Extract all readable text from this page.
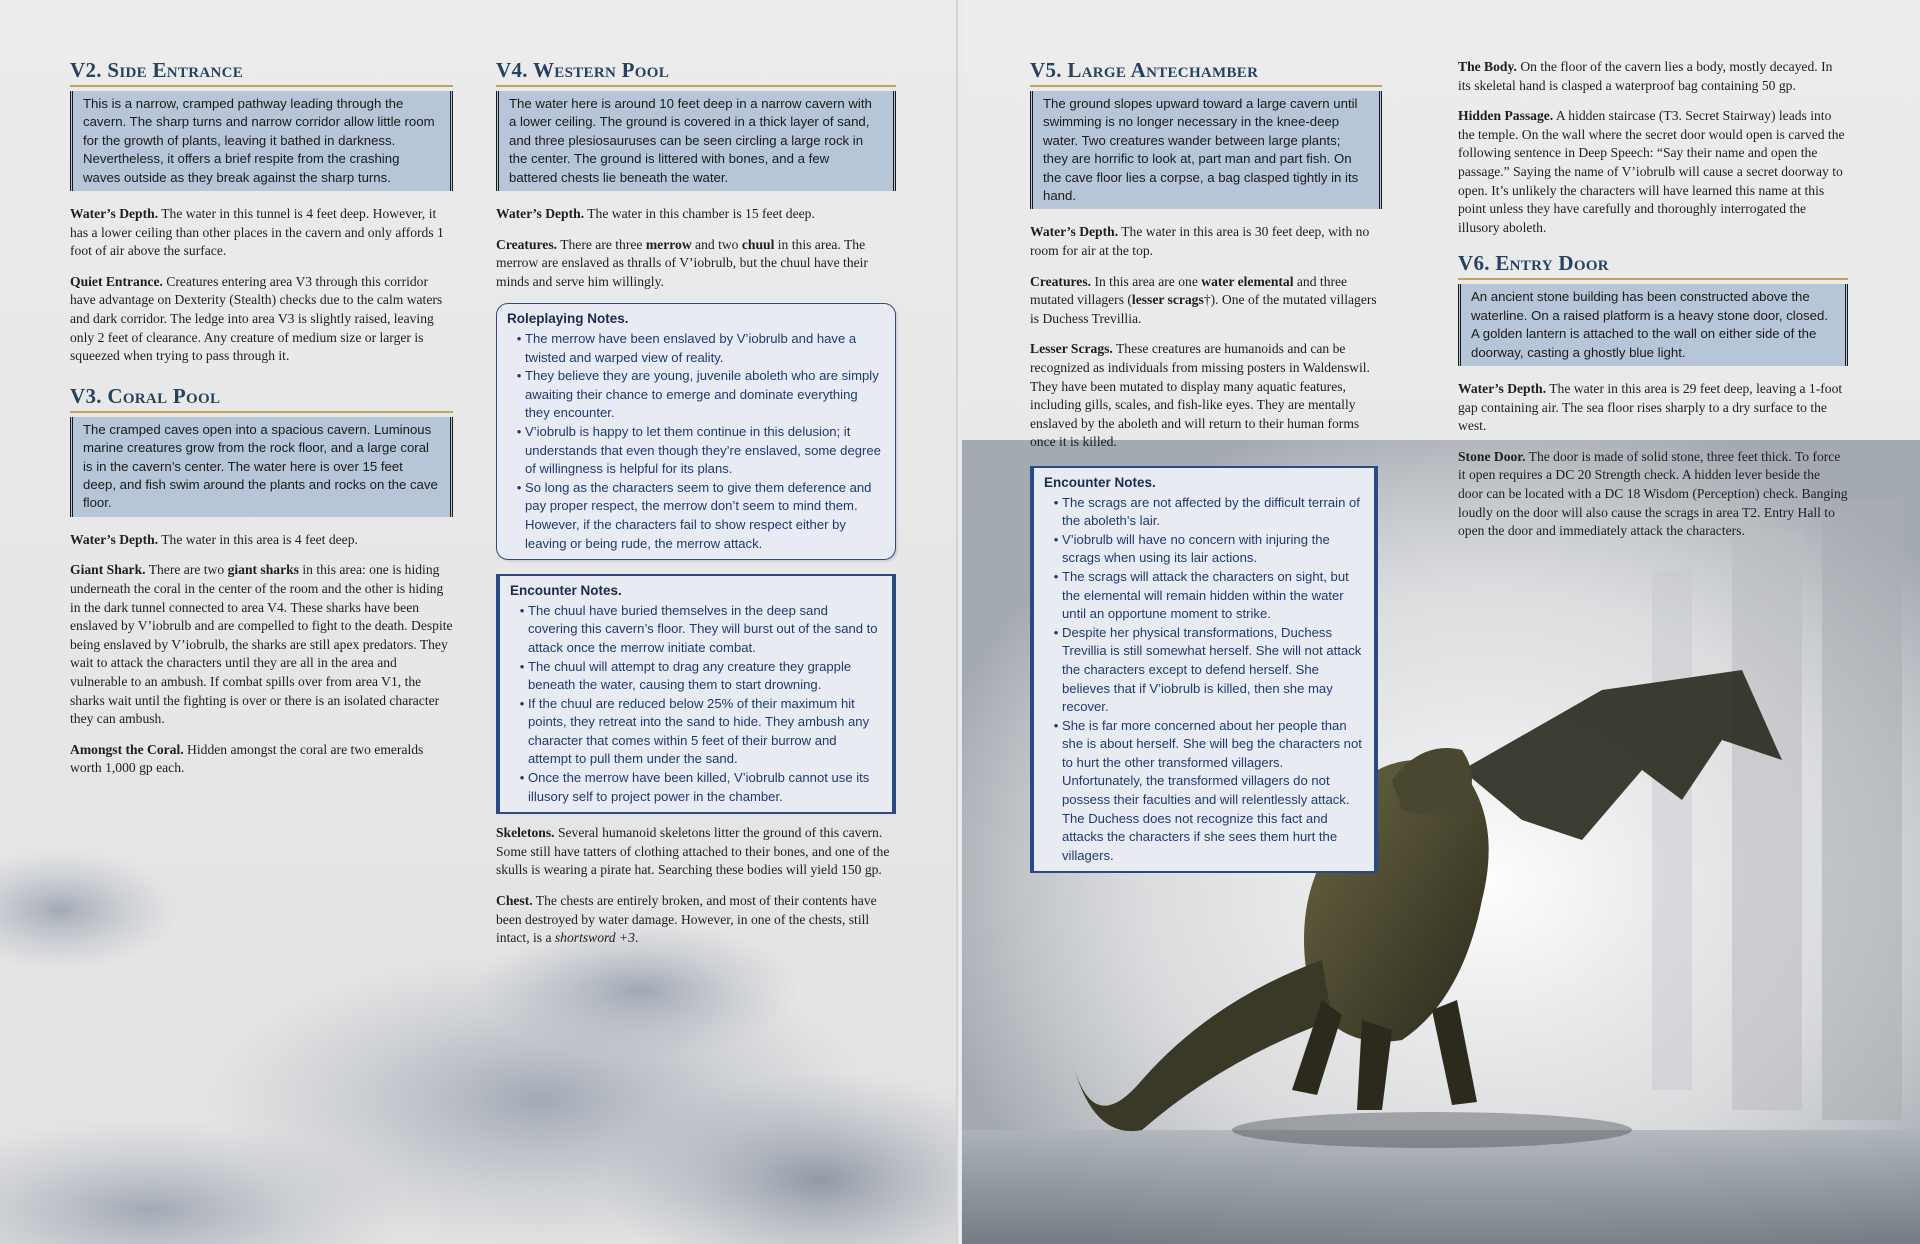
V2. Side Entrance
This is a narrow, cramped pathway leading through the cavern. The sharp turns and narrow corridor allow little room for the growth of plants, leaving it bathed in darkness. Nevertheless, it offers a brief respite from the crashing waves outside as they break against the sharp turns.

Water’s Depth. The water in this tunnel is 4 feet deep. However, it has a lower ceiling than other places in the cavern and only affords 1 foot of air above the surface.

Quiet Entrance. Creatures entering area V3 through this corridor have advantage on Dexterity (Stealth) checks due to the calm waters and dark corridor. The ledge into area V3 is slightly raised, leaving only 2 feet of clearance. Any creature of medium size or larger is squeezed when trying to pass through it.

V3. Coral Pool
The cramped caves open into a spacious cavern. Luminous marine creatures grow from the rock floor, and a large coral is in the cavern’s center. The water here is over 15 feet deep, and fish swim around the plants and rocks on the cave floor.

Water’s Depth. The water in this area is 4 feet deep.

Giant Shark. There are two giant sharks in this area: one is hiding underneath the coral in the center of the room and the other is hiding in the dark tunnel connected to area V4. These sharks have been enslaved by V’iobrulb and are compelled to fight to the death. Despite being enslaved by V’iobrulb, the sharks are still apex predators. They wait to attack the characters until they are all in the area and vulnerable to an ambush. If combat spills over from area V1, the sharks wait until the fighting is over or there is an isolated character they can ambush.

Amongst the Coral. Hidden amongst the coral are two emeralds worth 1,000 gp each.

V4. Western Pool
The water here is around 10 feet deep in a narrow cavern with a lower ceiling. The ground is covered in a thick layer of sand, and three plesiosauruses can be seen circling a large rock in the center. The ground is littered with bones, and a few battered chests lie beneath the water.

Water’s Depth. The water in this chamber is 15 feet deep.

Creatures. There are three merrow and two chuul in this area. The merrow are enslaved as thralls of V’iobrulb, but the chuul have their minds and serve him willingly.

Roleplaying Notes.
• The merrow have been enslaved by V’iobrulb and have a twisted and warped view of reality.
• They believe they are young, juvenile aboleth who are simply awaiting their chance to emerge and dominate everything they encounter.
• V’iobrulb is happy to let them continue in this delusion; it understands that even though they’re enslaved, some degree of willingness is helpful for its plans.
• So long as the characters seem to give them deference and pay proper respect, the merrow don’t seem to mind them. However, if the characters fail to show respect either by leaving or being rude, the merrow attack.
Encounter Notes.
• The chuul have buried themselves in the deep sand covering this cavern’s floor. They will burst out of the sand to attack once the merrow initiate combat.
• The chuul will attempt to drag any creature they grapple beneath the water, causing them to start drowning.
• If the chuul are reduced below 25% of their maximum hit points, they retreat into the sand to hide. They ambush any character that comes within 5 feet of their burrow and attempt to pull them under the sand.
• Once the merrow have been killed, V’iobrulb cannot use its illusory self to project power in the chamber.

Skeletons. Several humanoid skeletons litter the ground of this cavern. Some still have tatters of clothing attached to their bones, and one of the skulls is wearing a pirate hat. Searching these bodies will yield 150 gp.

Chest. The chests are entirely broken, and most of their contents have been destroyed by water damage. However, in one of the chests, still intact, is a shortsword +3.

V5. Large Antechamber
The ground slopes upward toward a large cavern until swimming is no longer necessary in the knee-deep water. Two creatures wander between large plants; they are horrific to look at, part man and part fish. On the cave floor lies a corpse, a bag clasped tightly in its hand.

Water’s Depth. The water in this area is 30 feet deep, with no room for air at the top.

Creatures. In this area are one water elemental and three mutated villagers (lesser scrags†). One of the mutated villagers is Duchess Trevillia.

Lesser Scrags. These creatures are humanoids and can be recognized as individuals from missing posters in Waldenswil. They have been mutated to display many aquatic features, including gills, scales, and fish-like eyes. They are mentally enslaved by the aboleth and will return to their human forms once it is killed.

Encounter Notes.
• The scrags are not affected by the difficult terrain of the aboleth’s lair.
• V’iobrulb will have no concern with injuring the scrags when using its lair actions.
• The scrags will attack the characters on sight, but the elemental will remain hidden within the water until an opportune moment to strike.
• Despite her physical transformations, Duchess Trevillia is still somewhat herself. She will not attack the characters except to defend herself. She believes that if V’iobrulb is killed, then she may recover.
• She is far more concerned about her people than she is about herself. She will beg the characters not to hurt the other transformed villagers. Unfortunately, the transformed villagers do not possess their faculties and will relentlessly attack. The Duchess does not recognize this fact and attacks the characters if she sees them hurt the villagers.

The Body. On the floor of the cavern lies a body, mostly decayed. In its skeletal hand is clasped a waterproof bag containing 50 gp.

Hidden Passage. A hidden staircase (T3. Secret Stairway) leads into the temple. On the wall where the secret door would open is carved the following sentence in Deep Speech: “Say their name and open the passage.” Saying the name of V’iobrulb will cause a secret doorway to open. It’s unlikely the characters will have learned this name at this point unless they have carefully and thoroughly interrogated the illusory aboleth.

V6. Entry Door
An ancient stone building has been constructed above the waterline. On a raised platform is a heavy stone door, closed. A golden lantern is attached to the wall on either side of the doorway, casting a ghostly blue light.

Water’s Depth. The water in this area is 29 feet deep, leaving a 1-foot gap containing air. The sea floor rises sharply to a dry surface to the west.

Stone Door. The door is made of solid stone, three feet thick. To force it open requires a DC 20 Strength check. A hidden lever beside the door can be located with a DC 18 Wisdom (Perception) check. Banging loudly on the door will also cause the scrags in area T2. Entry Hall to open the door and immediately attack the characters.
